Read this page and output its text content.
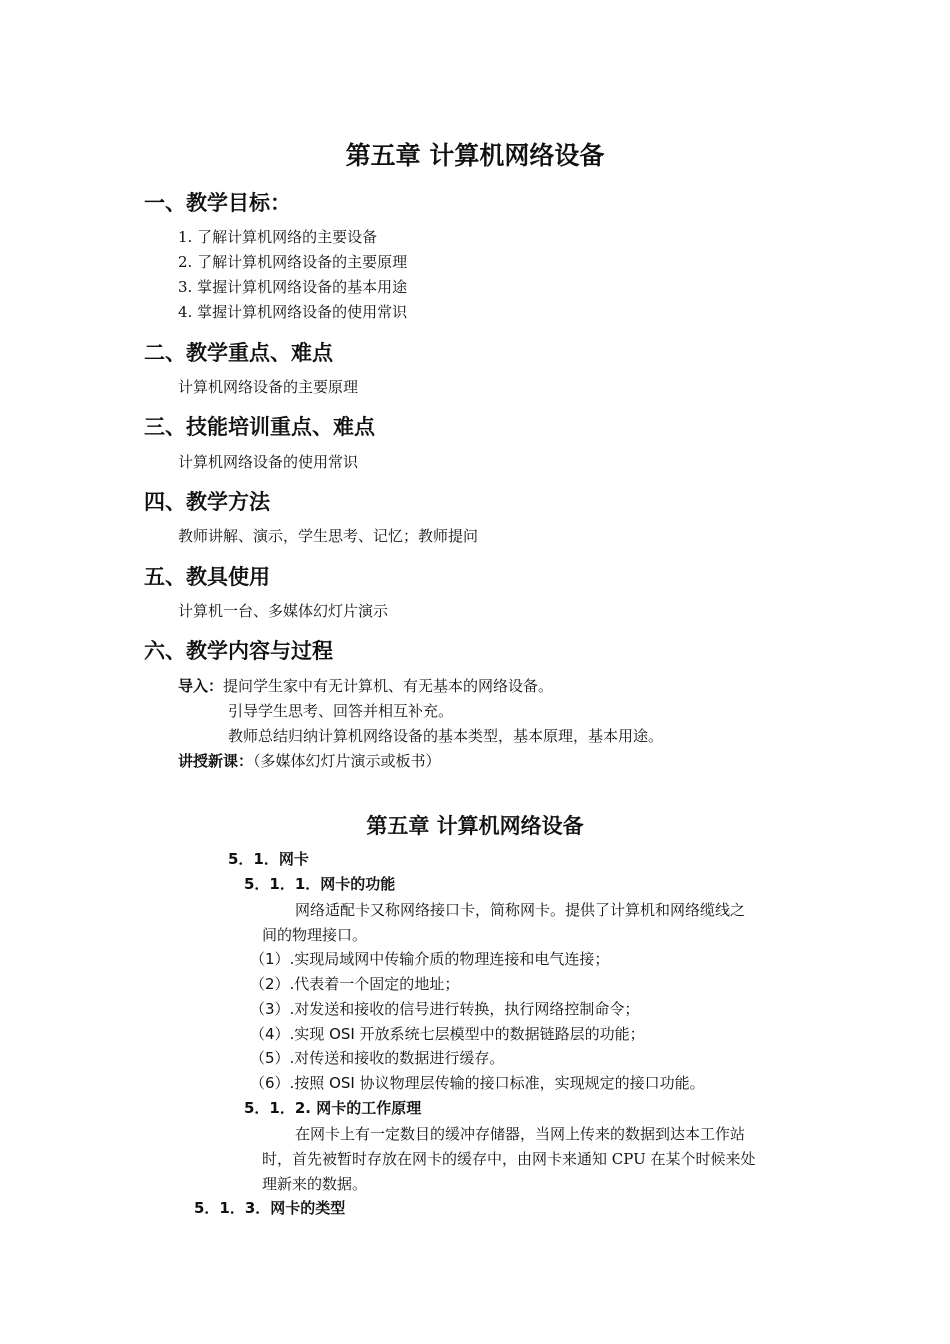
第五章 计算机网络设备
一、教学目标：
1. 了解计算机网络的主要设备
2. 了解计算机网络设备的主要原理
3. 掌握计算机网络设备的基本用途
4. 掌握计算机网络设备的使用常识
二、教学重点、难点
计算机网络设备的主要原理
三、技能培训重点、难点
计算机网络设备的使用常识
四、教学方法
教师讲解、演示，学生思考、记忆；教师提问
五、教具使用
计算机一台、多媒体幻灯片演示
六、教学内容与过程
导入：提问学生家中有无计算机、有无基本的网络设备。
引导学生思考、回答并相互补充。
教师总结归纳计算机网络设备的基本类型，基本原理，基本用途。
讲授新课：（多媒体幻灯片演示或板书）
第五章 计算机网络设备
5．1．网卡
5．1．1．网卡的功能
网络适配卡又称网络接口卡，简称网卡。提供了计算机和网络缆线之
间的物理接口。
（1）.实现局域网中传输介质的物理连接和电气连接；
（2）.代表着一个固定的地址；
（3）.对发送和接收的信号进行转换，执行网络控制命令；
（4）.实现 OSI 开放系统七层模型中的数据链路层的功能；
（5）.对传送和接收的数据进行缓存。
（6）.按照 OSI 协议物理层传输的接口标准，实现规定的接口功能。
5．1．2. 网卡的工作原理
在网卡上有一定数目的缓冲存储器，当网上传来的数据到达本工作站
时，首先被暂时存放在网卡的缓存中，由网卡来通知 CPU 在某个时候来处
理新来的数据。
5．1．3．网卡的类型
